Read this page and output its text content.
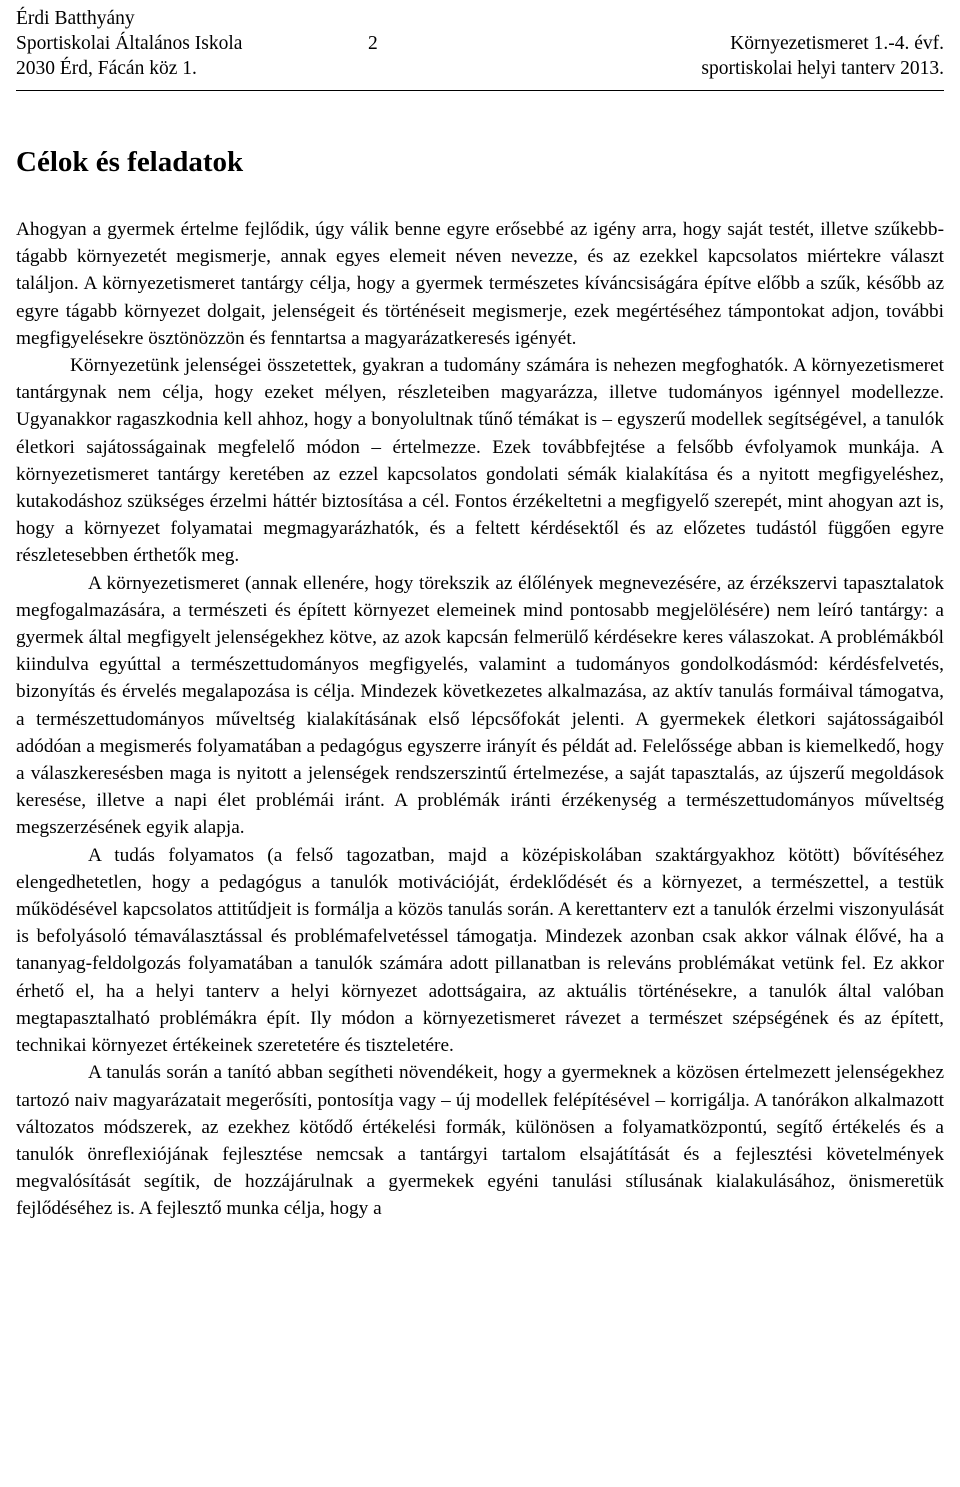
Érdi Batthyány
Sportiskolai Általános Iskola	2	Környezetismeret 1.-4. évf.
2030 Érd, Fácán köz 1.	sportiskolai helyi tanterv 2013.
Célok és feladatok

Ahogyan a gyermek értelme fejlődik, úgy válik benne egyre erősebbé az igény arra, hogy saját testét, illetve szűkebb-tágabb környezetét megismerje, annak egyes elemeit néven nevezze, és az ezekkel kapcsolatos miértekre választ találjon. A környezetismeret tantárgy célja, hogy a gyermek természetes kíváncsiságára építve előbb a szűk, később az egyre tágabb környezet dolgait, jelenségeit és történéseit megismerje, ezek megértéséhez támpontokat adjon, további megfigyelésekre ösztönözzön és fenntartsa a magyarázatkeresés igényét.

Környezetünk jelenségei összetettek, gyakran a tudomány számára is nehezen megfoghatók. A környezetismeret tantárgynak nem célja, hogy ezeket mélyen, részleteiben magyarázza, illetve tudományos igénnyel modellezze. Ugyanakkor ragaszkodnia kell ahhoz, hogy a bonyolultnak tűnő témákat is – egyszerű modellek segítségével, a tanulók életkori sajátosságainak megfelelő módon – értelmezze. Ezek továbbfejtése a felsőbb évfolyamok munkája. A környezetismeret tantárgy keretében az ezzel kapcsolatos gondolati sémák kialakítása és a nyitott megfigyeléshez, kutakodáshoz szükséges érzelmi háttér biztosítása a cél. Fontos érzékeltetni a megfigyelő szerepét, mint ahogyan azt is, hogy a környezet folyamatai megmagyarázhatók, és a feltett kérdésektől és az előzetes tudástól függően egyre részletesebben érthetők meg.

A környezetismeret (annak ellenére, hogy törekszik az élőlények megnevezésére, az érzékszervi tapasztalatok megfogalmazására, a természeti és épített környezet elemeinek mind pontosabb megjelölésére) nem leíró tantárgy: a gyermek által megfigyelt jelenségekhez kötve, az azok kapcsán felmerülő kérdésekre keres válaszokat. A problémákból kiindulva egyúttal a természettudományos megfigyelés, valamint a tudományos gondolkodásmód: kérdésfelvetés, bizonyítás és érvelés megalapozása is célja. Mindezek következetes alkalmazása, az aktív tanulás formáival támogatva, a természettudományos műveltség kialakításának első lépcsőfokát jelenti. A gyermekek életkori sajátosságaiból adódóan a megismerés folyamatában a pedagógus egyszerre irányít és példát ad. Felelőssége abban is kiemelkedő, hogy a válaszkeresésben maga is nyitott a jelenségek rendszerszintű értelmezése, a saját tapasztalás, az újszerű megoldások keresése, illetve a napi élet problémái iránt. A problémák iránti érzékenység a természettudományos műveltség megszerzésének egyik alapja.

A tudás folyamatos (a felső tagozatban, majd a középiskolában szaktárgyakhoz kötött) bővítéséhez elengedhetetlen, hogy a pedagógus a tanulók motivációját, érdeklődését és a környezet, a természettel, a testük működésével kapcsolatos attitűdjeit is formálja a közös tanulás során. A kerettanterv ezt a tanulók érzelmi viszonyulását is befolyásoló témaválasztással és problémafelvetéssel támogatja. Mindezek azonban csak akkor válnak élővé, ha a tananyag-feldolgozás folyamatában a tanulók számára adott pillanatban is releváns problémákat vetünk fel. Ez akkor érhető el, ha a helyi tanterv a helyi környezet adottságaira, az aktuális történésekre, a tanulók által valóban megtapasztalható problémákra épít. Ily módon a környezetismeret rávezet a természet szépségének és az épített, technikai környezet értékeinek szeretetére és tiszteletére.

A tanulás során a tanító abban segítheti növendékeit, hogy a gyermeknek a közösen értelmezett jelenségekhez tartozó naiv magyarázatait megerősíti, pontosítja vagy – új modellek felépítésével – korrigálja. A tanórákon alkalmazott változatos módszerek, az ezekhez kötődő értékelési formák, különösen a folyamatközpontú, segítő értékelés és a tanulók önreflexiójának fejlesztése nemcsak a tantárgyi tartalom elsajátítását és a fejlesztési követelmények megvalósítását segítik, de hozzájárulnak a gyermekek egyéni tanulási stílusának kialakulásához, önismeretük fejlődéséhez is. A fejlesztő munka célja, hogy a
